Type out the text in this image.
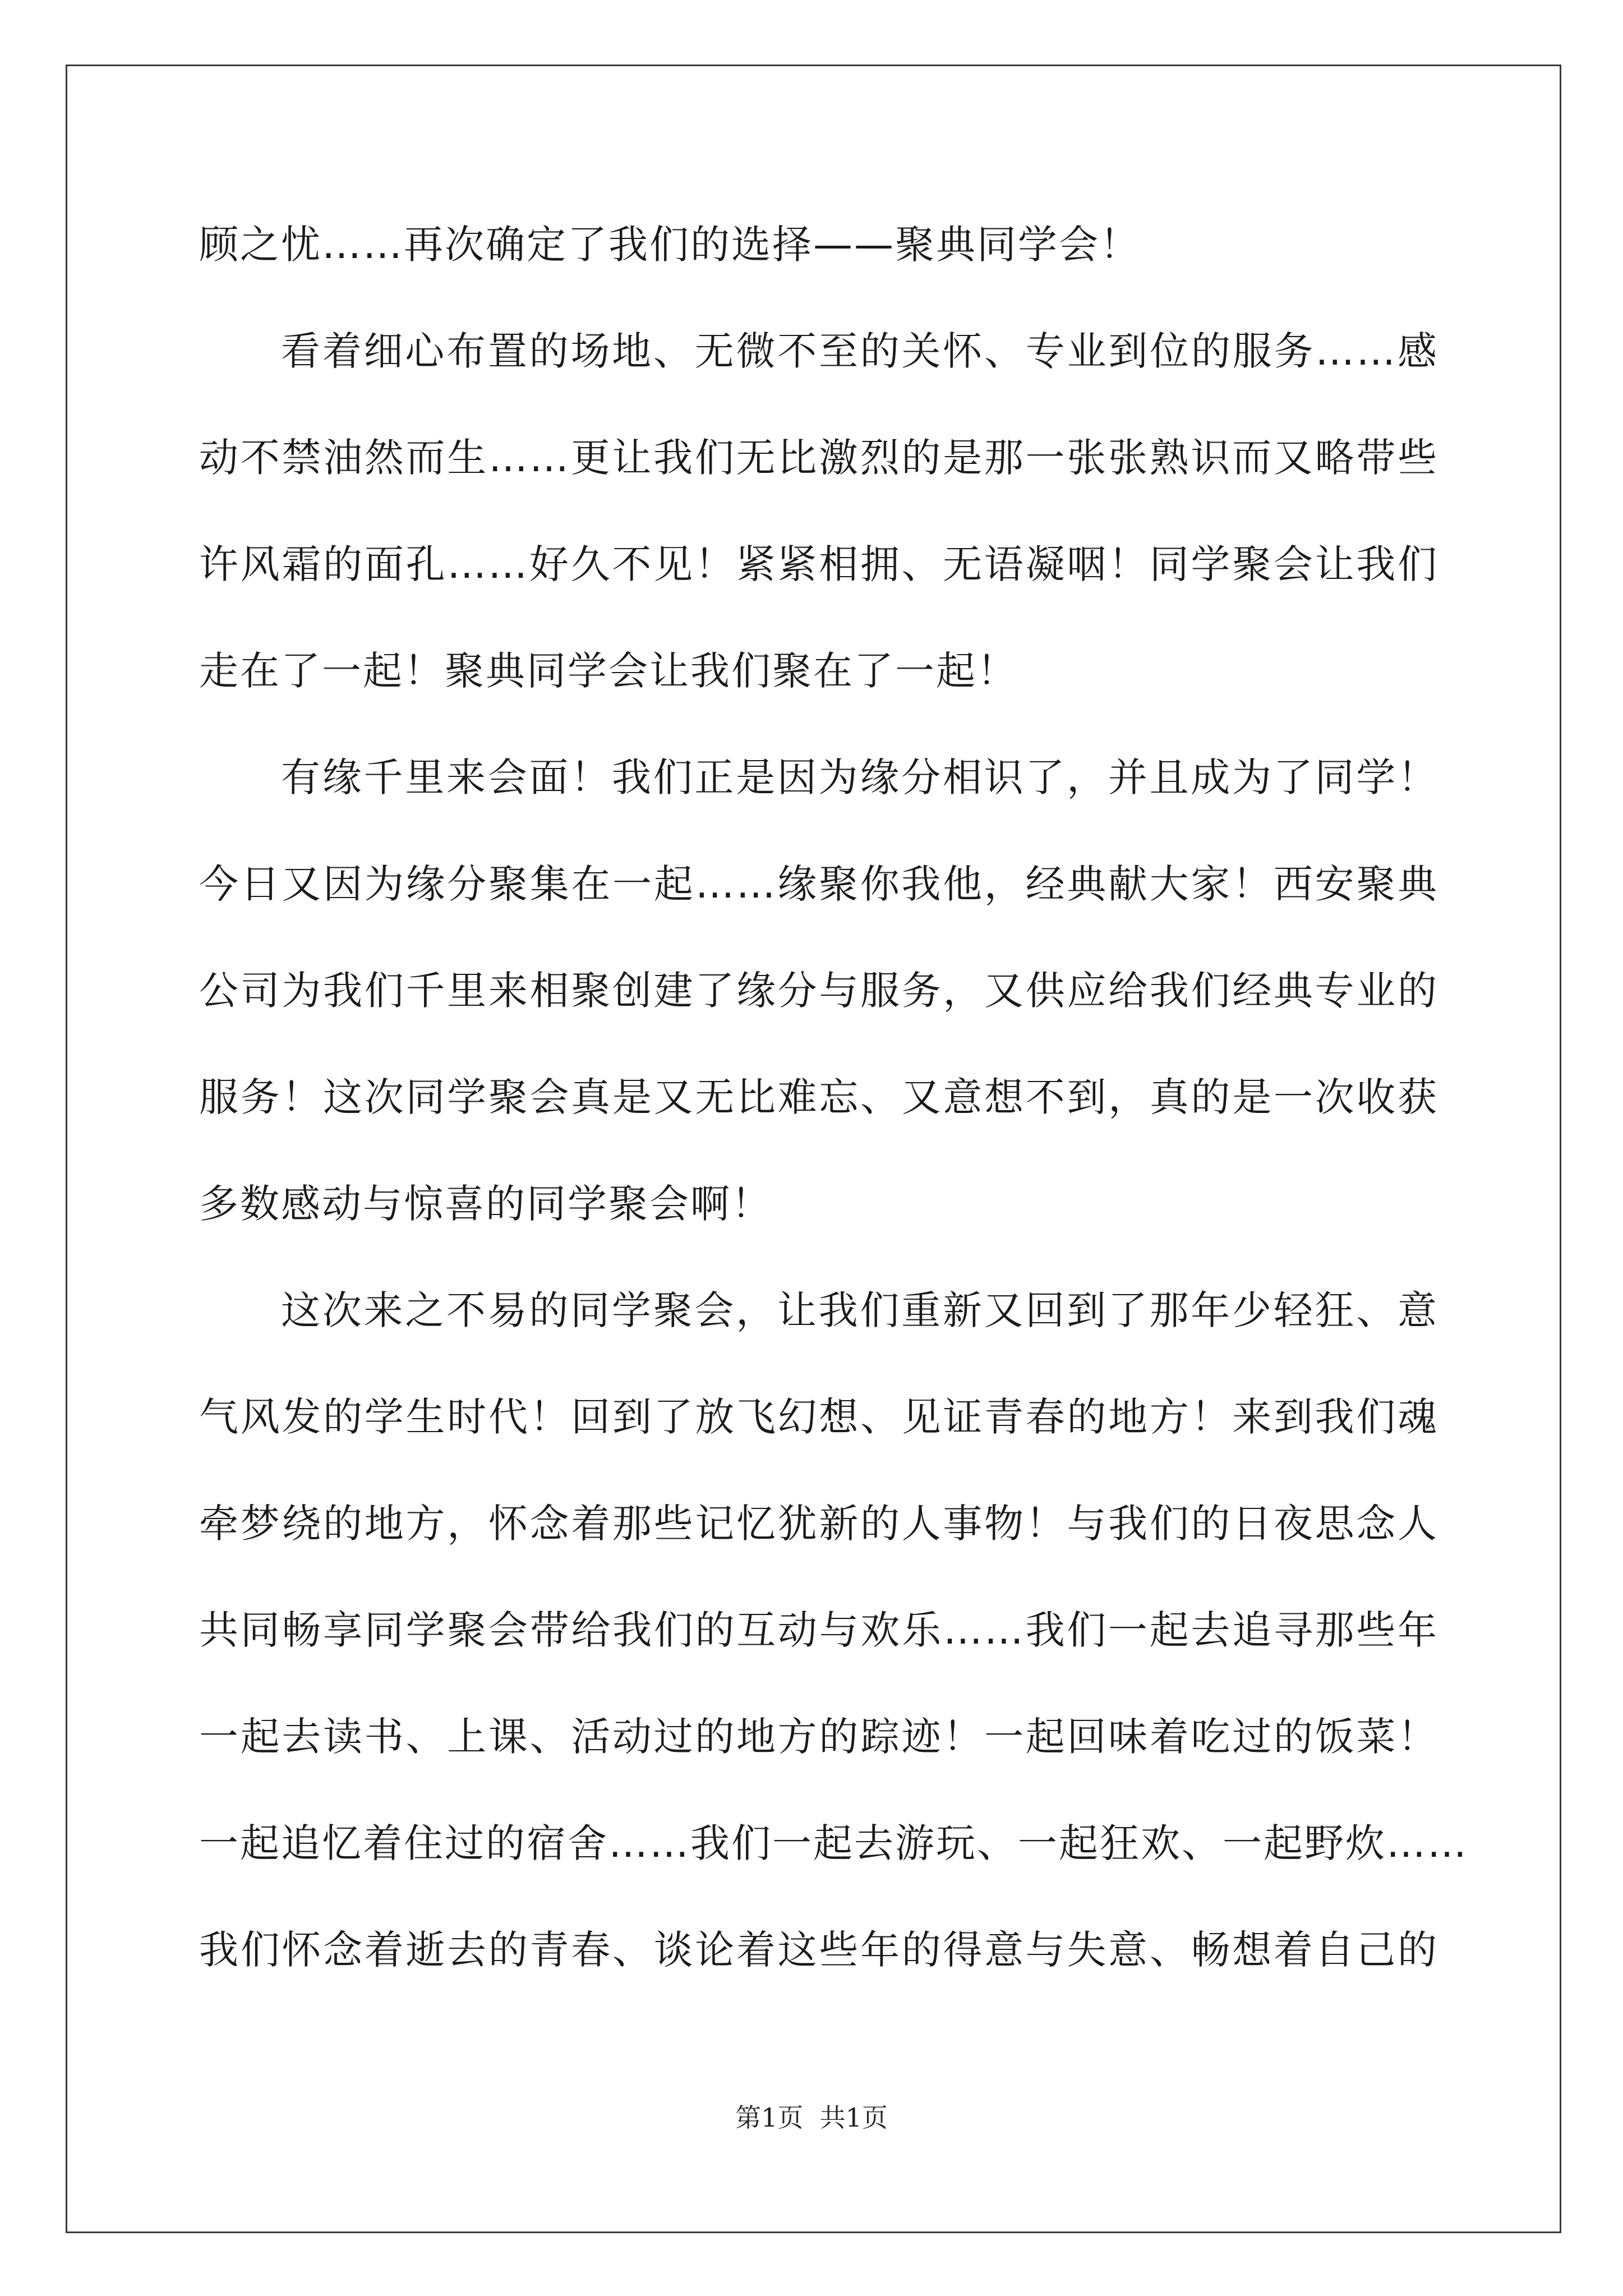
顾之忧……再次确定了我们的选择——聚典同学会！
看着细心布置的场地、无微不至的关怀、专业到位的服务……感
动不禁油然而生……更让我们无比激烈的是那一张张熟识而又略带些
许风霜的面孔……好久不见！紧紧相拥、无语凝咽！同学聚会让我们
走在了一起！聚典同学会让我们聚在了一起！
有缘千里来会面！我们正是因为缘分相识了，并且成为了同学！
今日又因为缘分聚集在一起……缘聚你我他，经典献大家！西安聚典
公司为我们千里来相聚创建了缘分与服务，又供应给我们经典专业的
服务！这次同学聚会真是又无比难忘、又意想不到，真的是一次收获
多数感动与惊喜的同学聚会啊！
这次来之不易的同学聚会，让我们重新又回到了那年少轻狂、意
气风发的学生时代！回到了放飞幻想、见证青春的地方！来到我们魂
牵梦绕的地方，怀念着那些记忆犹新的人事物！与我们的日夜思念人
共同畅享同学聚会带给我们的互动与欢乐……我们一起去追寻那些年
一起去读书、上课、活动过的地方的踪迹！一起回味着吃过的饭菜！
一起追忆着住过的宿舍……我们一起去游玩、一起狂欢、一起野炊……
我们怀念着逝去的青春、谈论着这些年的得意与失意、畅想着自己的
第1页  共1页
